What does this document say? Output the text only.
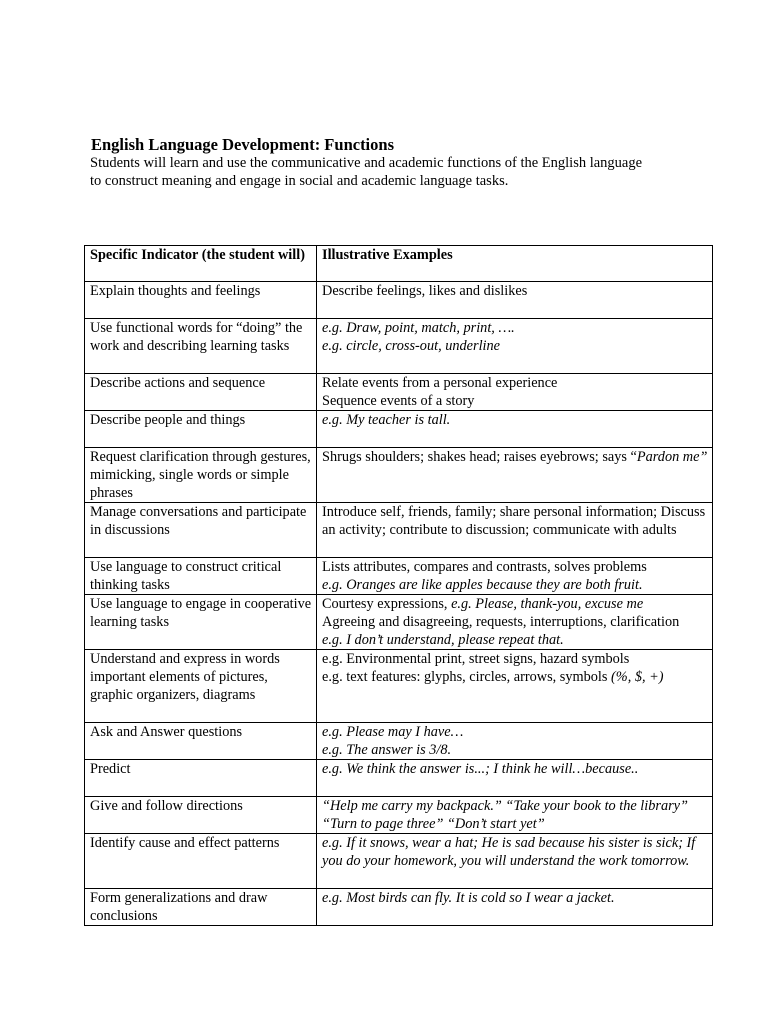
English Language Development: Functions
Students will learn and use the communicative and academic functions of the English language
to construct meaning and engage in social and academic language tasks.
Specific Indicator (the student will)	Illustrative Examples
Explain thoughts and feelings	Describe feelings, likes and dislikes

Use functional words for “doing” the work and describing learning tasks	e.g. Draw, point, match, print, ….
e.g. circle, cross-out, underline

Describe actions and sequence	Relate events from a personal experience
Sequence events of a story

Describe people and things	e.g. My teacher is tall.

Request clarification through gestures, mimicking, single words or simple phrases	Shrugs shoulders; shakes head; raises eyebrows; says “Pardon me”
Manage conversations and participate in discussions	Introduce self, friends, family; share personal information; Discuss an activity; contribute to discussion; communicate with adults
Use language to construct critical thinking tasks	Lists attributes, compares and contrasts, solves problems
e.g. Oranges are like apples because they are both fruit.

Use language to engage in cooperative learning tasks	Courtesy expressions, e.g. Please, thank-you, excuse me
Agreeing and disagreeing, requests, interruptions, clarification
e.g. I don’t understand, please repeat that.

Understand and express in words important elements of pictures, graphic organizers, diagrams	e.g. Environmental print, street signs, hazard symbols
e.g. text features: glyphs, circles, arrows, symbols (%, $, +)

Ask and Answer questions	e.g. Please may I have…
e.g. The answer is 3/8.

Predict	e.g. We think the answer is...; I think he will…because..

Give and follow directions	“Help me carry my backpack.” “Take your book to the library” “Turn to page three” “Don’t start yet”
Identify cause and effect patterns	e.g. If it snows, wear a hat; He is sad because his sister is sick; If you do your homework, you will understand the work tomorrow.
Form generalizations and draw conclusions	e.g. Most birds can fly. It is cold so I wear a jacket.
